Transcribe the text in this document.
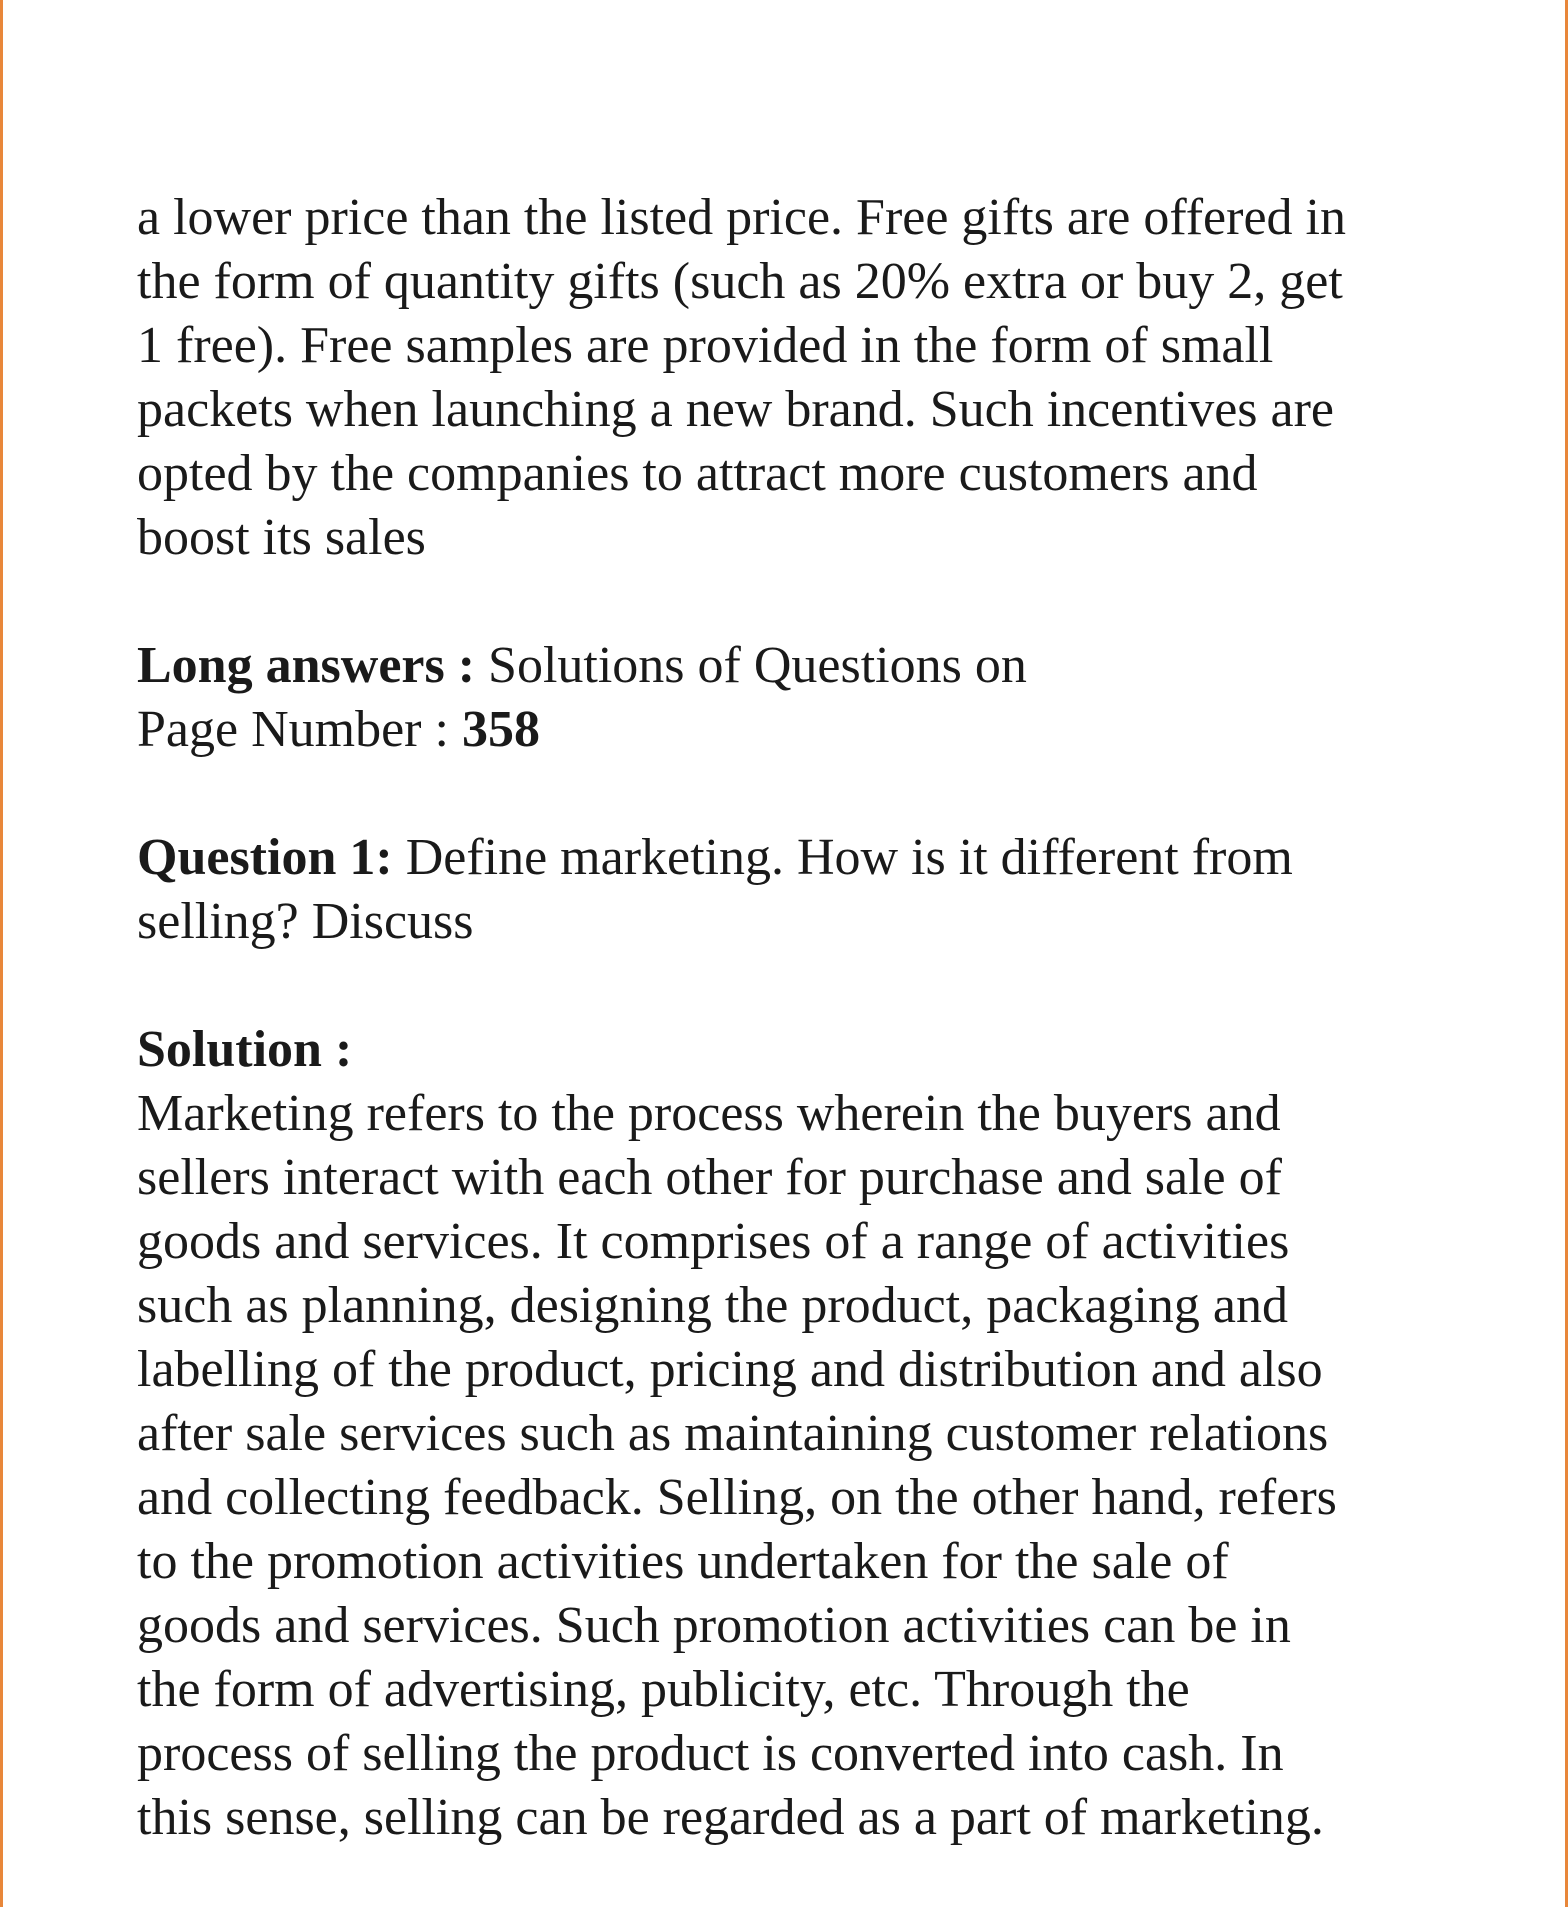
a lower price than the listed price. Free gifts are offered in
the form of quantity gifts (such as 20% extra or buy 2, get
1 free). Free samples are provided in the form of small
packets when launching a new brand. Such incentives are
opted by the companies to attract more customers and
boost its sales

Long answers : Solutions of Questions on
Page Number : 358

Question 1: Define marketing. How is it different from
selling? Discuss

Solution :
Marketing refers to the process wherein the buyers and
sellers interact with each other for purchase and sale of
goods and services. It comprises of a range of activities
such as planning, designing the product, packaging and
labelling of the product, pricing and distribution and also
after sale services such as maintaining customer relations
and collecting feedback. Selling, on the other hand, refers
to the promotion activities undertaken for the sale of
goods and services. Such promotion activities can be in
the form of advertising, publicity, etc. Through the
process of selling the product is converted into cash. In
this sense, selling can be regarded as a part of marketing.
